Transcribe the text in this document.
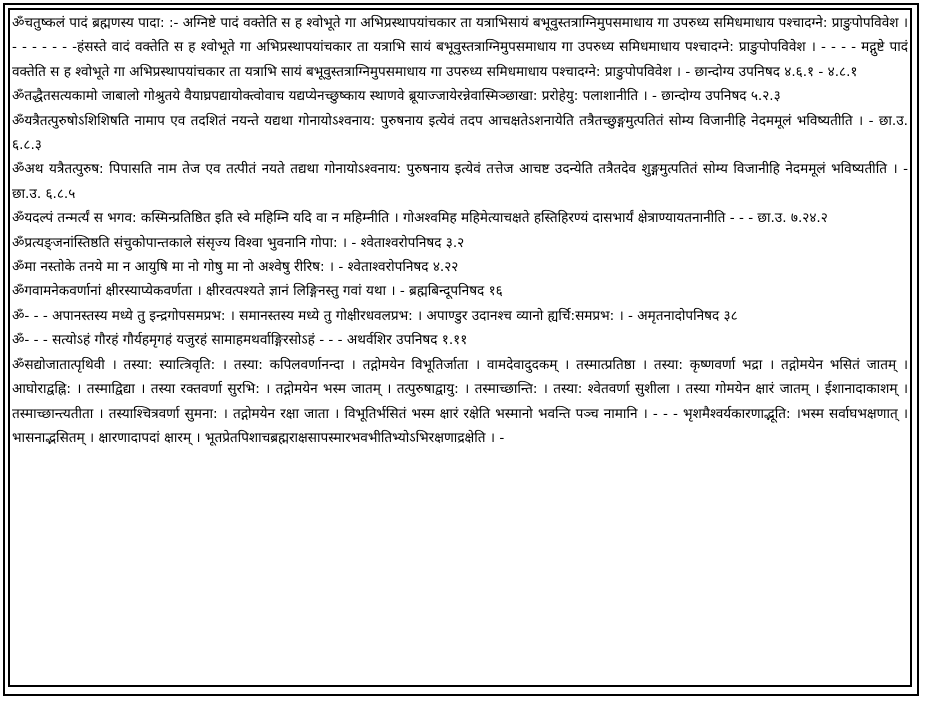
ॐचतुष्कलं पादं ब्रह्मणस्य पादा: :- अग्निष्टे पादं वक्तेति स ह श्वोभूते गा अभिप्रस्थापयांचकार ता यत्राभिसायं बभूवुस्तत्राग्निमुपसमाधाय गा उपरुध्य समिधमाधाय पश्चादग्ने: प्राङुपोपविवेश । - - - - - - -हंसस्ते वादं वक्तेति स ह श्वोभूते गा अभिप्रस्थापयांचकार ता यत्राभि सायं बभूवुस्तत्राग्निमुपसमाधाय गा उपरुध्य समिधमाधाय पश्चादग्ने: प्राङुपोपविवेश । - - - - मद्गुष्टे पादं वक्तेति स ह श्वोभूते गा अभिप्रस्थापयांचकार ता यत्राभि सायं बभूवुस्तत्राग्निमुपसमाधाय गा उपरुध्य समिधमाधाय पश्चादग्ने: प्राङुपोपविवेश । - छान्दोग्य उपनिषद ४.६.१ - ४.८.१

ॐतद्धैतसत्यकामो जाबालो गोश्रुतये वैयाघ्रपद्यायोक्त्वोवाच यद्यप्येनच्छुष्काय स्थाणवे ब्रूयाज्जायेरन्नेवास्मिञ्छाखा: प्ररोहेयु: पलाशानीति । - छान्दोग्य उपनिषद ५.२.३

ॐयत्रैतत्पुरुषोऽशिशिषति नामाप एव तदशितं नयन्ते यद्यथा गोनायोऽश्वनाय: पुरुषनाय इत्येवं तदप आचक्षतेऽशनायेति तत्रैतच्छुङ्गमुत्पतितं सोम्य विजानीहि नेदममूलं भविष्यतीति । - छा.उ. ६.८.३

ॐअथ यत्रैतत्पुरुष: पिपासति नाम तेज एव तत्पीतं नयते तद्यथा गोनायोऽश्वनाय: पुरुषनाय इत्येवं तत्तेज आचष्ट उदन्येति तत्रैतदेव शुङ्गमुत्पतितं सोम्य विजानीहि नेदममूलं भविष्यतीति । - छा.उ. ६.८.५

ॐयदल्पं तन्मर्त्यं स भगव: कस्मिन्प्रतिष्ठित इति स्वे महिम्नि यदि वा न महिम्नीति । गोअश्वमिह महिमेत्याचक्षते हस्तिहिरण्यं दासभार्यं क्षेत्राण्यायतनानीति - - - छा.उ. ७.२४.२

ॐप्रत्यङ्जनांस्तिष्ठति संचुकोपान्तकाले संसृज्य विश्वा भुवनानि गोपा: । - श्वेताश्वरोपनिषद ३.२

ॐमा नस्तोके तनये मा न आयुषि मा नो गोषु मा नो अश्वेषु रीरिष: । - श्वेताश्वरोपनिषद ४.२२

ॐगवामनेकवर्णानां क्षीरस्याप्येकवर्णता । क्षीरवत्पश्यते ज्ञानं लिङ्गिनस्तु गवां यथा । - ब्रह्मबिन्दूपनिषद १६

ॐ- - - अपानस्तस्य मध्ये तु इन्द्रगोपसमप्रभ: । समानस्तस्य मध्ये तु गोक्षीरधवलप्रभ: । अपाण्डुर उदानश्च व्यानो ह्यर्चि:समप्रभ: । - अमृतनादोपनिषद ३८

ॐ- - - सत्योऽहं गौरहं गौर्यहमृगहं यजुरहं सामाहमथर्वाङ्गिरसोऽहं - - - अथर्वशिर उपनिषद १.११

ॐसद्योजातात्पृथिवी । तस्या: स्यात्त्रिवृति: । तस्या: कपिलवर्णानन्दा । तद्गोमयेन विभूतिर्जाता । वामदेवादुदकम् । तस्मात्प्रतिष्ठा । तस्या: कृष्णवर्णा भद्रा । तद्गोमयेन भसितं जातम् । आघोराद्वह्नि: । तस्माद्विद्या । तस्या रक्तवर्णा सुरभि: । तद्गोमयेन भस्म जातम् । तत्पुरुषाद्वायु: । तस्माच्छान्ति: । तस्या: श्वेतवर्णा सुशीला । तस्या गोमयेन क्षारं जातम् । ईशानादाकाशम् । तस्माच्छान्त्यतीता । तस्याश्चित्रवर्णा सुमना: । तद्गोमयेन रक्षा जाता । विभूतिर्भसितं भस्म क्षारं रक्षेति भस्मानो भवन्ति पञ्च नामानि । - - - भृशमैश्वर्यकारणाद्भूति: ।भस्म सर्वाघभक्षणात् । भासनाद्भसितम् । क्षारणादापदां क्षारम् । भूतप्रेतपिशाचब्रह्मराक्षसापस्मारभवभीतिभ्योऽभिरक्षणाद्रक्षेति । -
